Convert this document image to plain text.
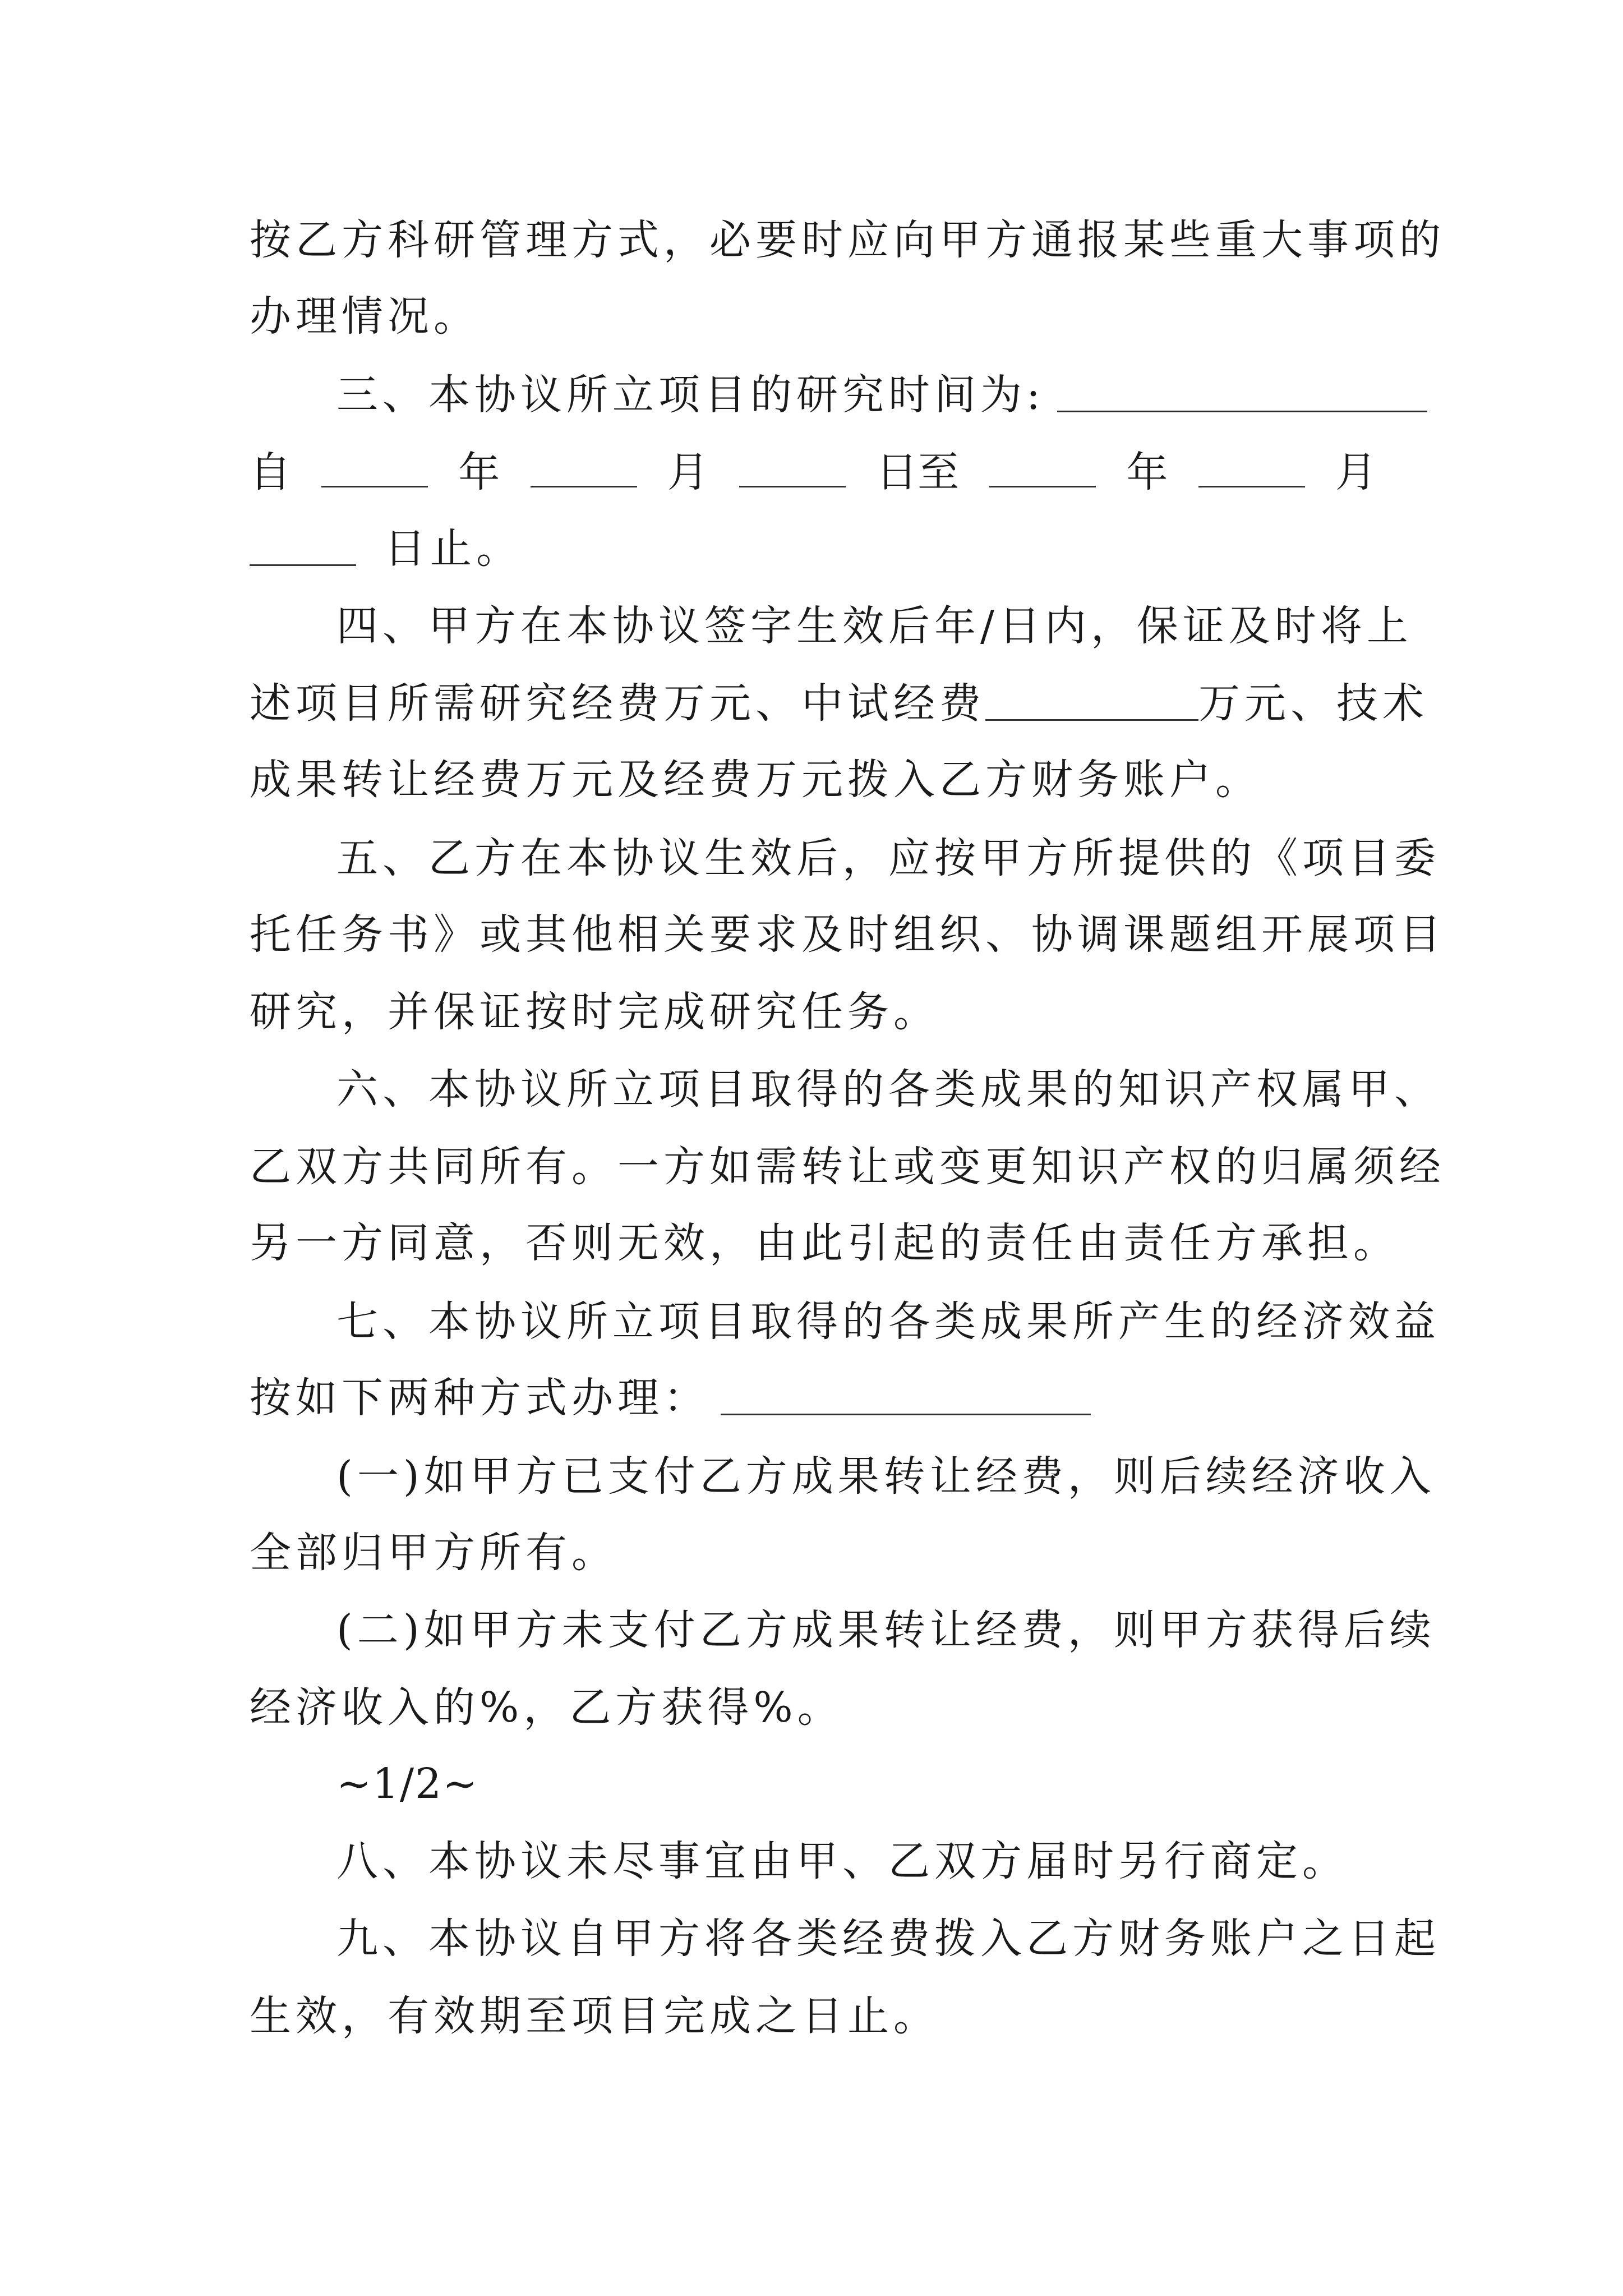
按乙方科研管理方式，必要时应向甲方通报某些重大事项的
办理情况。
三、本协议所立项目的研究时间为:
自	年	月	日至	年	月
日止。
四、甲方在本协议签字生效后年/日内，保证及时将上
述项目所需研究经费万元、中试经费	万元、技术
成果转让经费万元及经费万元拨入乙方财务账户。
五、乙方在本协议生效后，应按甲方所提供的《项目委
托任务书》或其他相关要求及时组织、协调课题组开展项目
研究，并保证按时完成研究任务。
六、本协议所立项目取得的各类成果的知识产权属甲、
乙双方共同所有。一方如需转让或变更知识产权的归属须经
另一方同意，否则无效，由此引起的责任由责任方承担。
七、本协议所立项目取得的各类成果所产生的经济效益
按如下两种方式办理：
(一)如甲方已支付乙方成果转让经费，则后续经济收入
全部归甲方所有。
(二)如甲方未支付乙方成果转让经费，则甲方获得后续
经济收入的%，乙方获得%。
~1/2~
八、本协议未尽事宜由甲、乙双方届时另行商定。
九、本协议自甲方将各类经费拨入乙方财务账户之日起
生效，有效期至项目完成之日止。
